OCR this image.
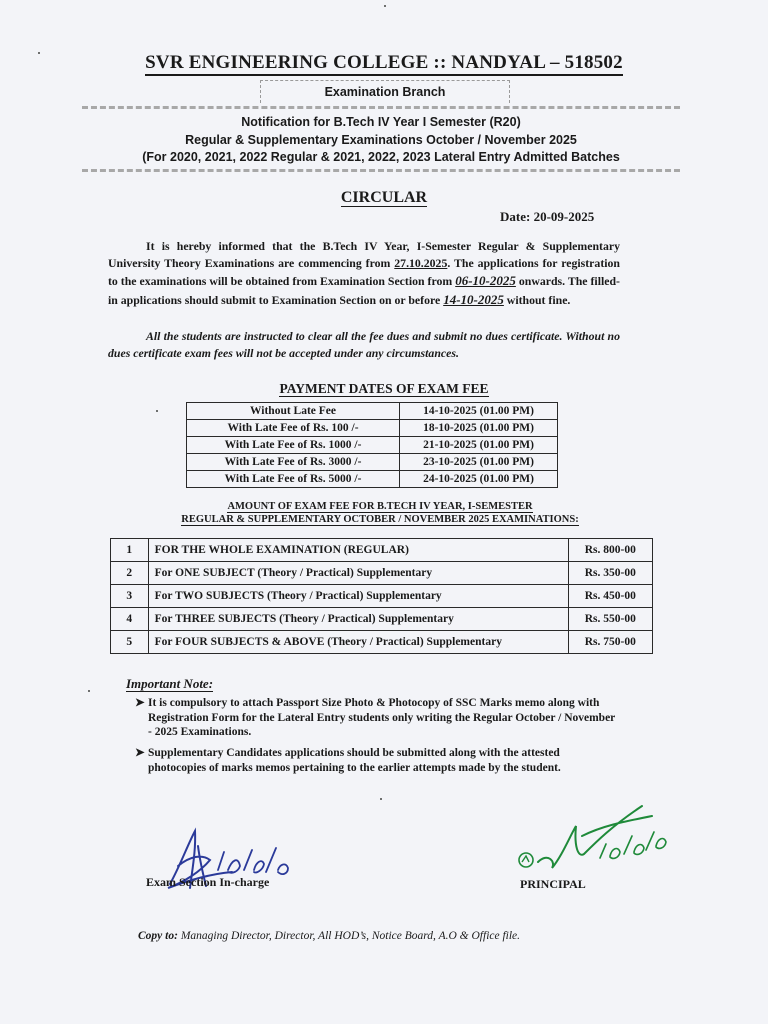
SVR ENGINEERING COLLEGE :: NANDYAL – 518502
Examination Branch
Notification for B.Tech IV Year I Semester (R20)
Regular & Supplementary Examinations October / November 2025
(For 2020, 2021, 2022 Regular & 2021, 2022, 2023 Lateral Entry Admitted Batches
CIRCULAR
Date: 20-09-2025
It is hereby informed that the B.Tech IV Year, I-Semester Regular & Supplementary University Theory Examinations are commencing from 27.10.2025. The applications for registration to the examinations will be obtained from Examination Section from 06-10-2025 onwards. The filled-in applications should submit to Examination Section on or before 14-10-2025 without fine.
All the students are instructed to clear all the fee dues and submit no dues certificate. Without no dues certificate exam fees will not be accepted under any circumstances.
PAYMENT DATES OF EXAM FEE
Without Late Fee	14-10-2025 (01.00 PM)
With Late Fee of Rs. 100 /-	18-10-2025 (01.00 PM)
With Late Fee of Rs. 1000 /-	21-10-2025 (01.00 PM)
With Late Fee of Rs. 3000 /-	23-10-2025 (01.00 PM)
With Late Fee of Rs. 5000 /-	24-10-2025 (01.00 PM)
AMOUNT OF EXAM FEE FOR B.TECH IV YEAR, I-SEMESTER
REGULAR & SUPPLEMENTARY OCTOBER / NOVEMBER 2025 EXAMINATIONS:
1	FOR THE WHOLE EXAMINATION (REGULAR)	Rs. 800-00
2	For ONE SUBJECT (Theory / Practical) Supplementary	Rs. 350-00
3	For TWO SUBJECTS (Theory / Practical) Supplementary	Rs. 450-00
4	For THREE SUBJECTS (Theory / Practical) Supplementary	Rs. 550-00
5	For FOUR SUBJECTS & ABOVE (Theory / Practical) Supplementary	Rs. 750-00
Important Note:
➤ It is compulsory to attach Passport Size Photo & Photocopy of SSC Marks memo along with Registration Form for the Lateral Entry students only writing the Regular October / November - 2025 Examinations.
➤ Supplementary Candidates applications should be submitted along with the attested photocopies of marks memos pertaining to the earlier attempts made by the student.
Exam Section In-charge	PRINCIPAL
Copy to: Managing Director, Director, All HOD’s, Notice Board, A.O & Office file.
